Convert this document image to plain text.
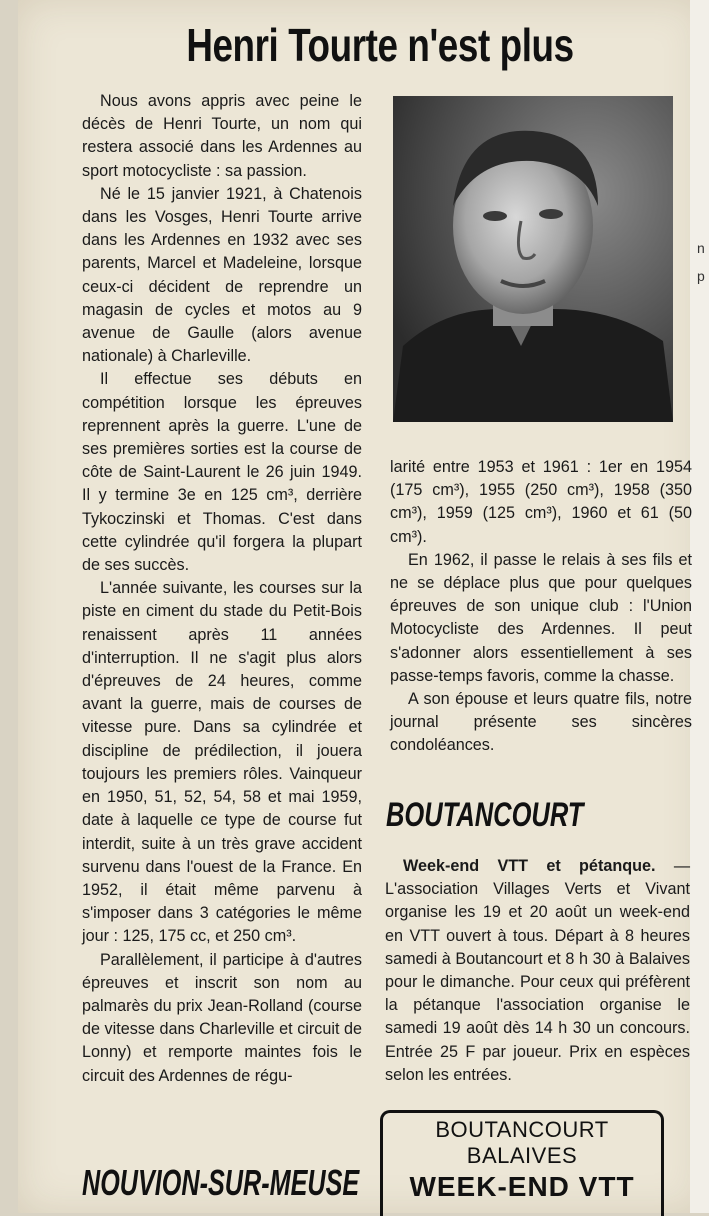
n
p
Henri Tourte n'est plus

Nous avons appris avec peine le décès de Henri Tourte, un nom qui restera associé dans les Ardennes au sport motocycliste : sa passion.

Né le 15 janvier 1921, à Chatenois dans les Vosges, Henri Tourte arrive dans les Ardennes en 1932 avec ses parents, Marcel et Madeleine, lorsque ceux-ci décident de reprendre un magasin de cycles et motos au 9 avenue de Gaulle (alors avenue nationale) à Charleville.

Il effectue ses débuts en compétition lorsque les épreuves reprennent après la guerre. L'une de ses premières sorties est la course de côte de Saint-Laurent le 26 juin 1949. Il y termine 3e en 125 cm³, derrière Tykoczinski et Thomas. C'est dans cette cylindrée qu'il forgera la plupart de ses succès.

L'année suivante, les courses sur la piste en ciment du stade du Petit-Bois renaissent après 11 années d'interruption. Il ne s'agit plus alors d'épreuves de 24 heures, comme avant la guerre, mais de courses de vitesse pure. Dans sa cylindrée et discipline de prédilection, il jouera toujours les premiers rôles. Vainqueur en 1950, 51, 52, 54, 58 et mai 1959, date à laquelle ce type de course fut interdit, suite à un très grave accident survenu dans l'ouest de la France. En 1952, il était même parvenu à s'imposer dans 3 catégories le même jour : 125, 175 cc, et 250 cm³.

Parallèlement, il participe à d'autres épreuves et inscrit son nom au palmarès du prix Jean-Rolland (course de vitesse dans Charleville et circuit de Lonny) et remporte maintes fois le circuit des Ardennes de régu-

larité entre 1953 et 1961 : 1er en 1954 (175 cm³), 1955 (250 cm³), 1958 (350 cm³), 1959 (125 cm³), 1960 et 61 (50 cm³).

En 1962, il passe le relais à ses fils et ne se déplace plus que pour quelques épreuves de son unique club : l'Union Motocycliste des Ardennes. Il peut s'adonner alors essentiellement à ses passe-temps favoris, comme la chasse.

A son épouse et leurs quatre fils, notre journal présente ses sincères condoléances.

BOUTANCOURT

Week-end VTT et pétanque. — L'association Villages Verts et Vivant organise les 19 et 20 août un week-end en VTT ouvert à tous. Départ à 8 heures samedi à Boutancourt et 8 h 30 à Balaives pour le dimanche. Pour ceux qui préfèrent la pétanque l'association organise le samedi 19 août dès 14 h 30 un concours. Entrée 25 F par joueur. Prix en espèces selon les entrées.

BOUTANCOURT
BALAIVES
WEEK-END VTT
NOUVION-SUR-MEUSE
